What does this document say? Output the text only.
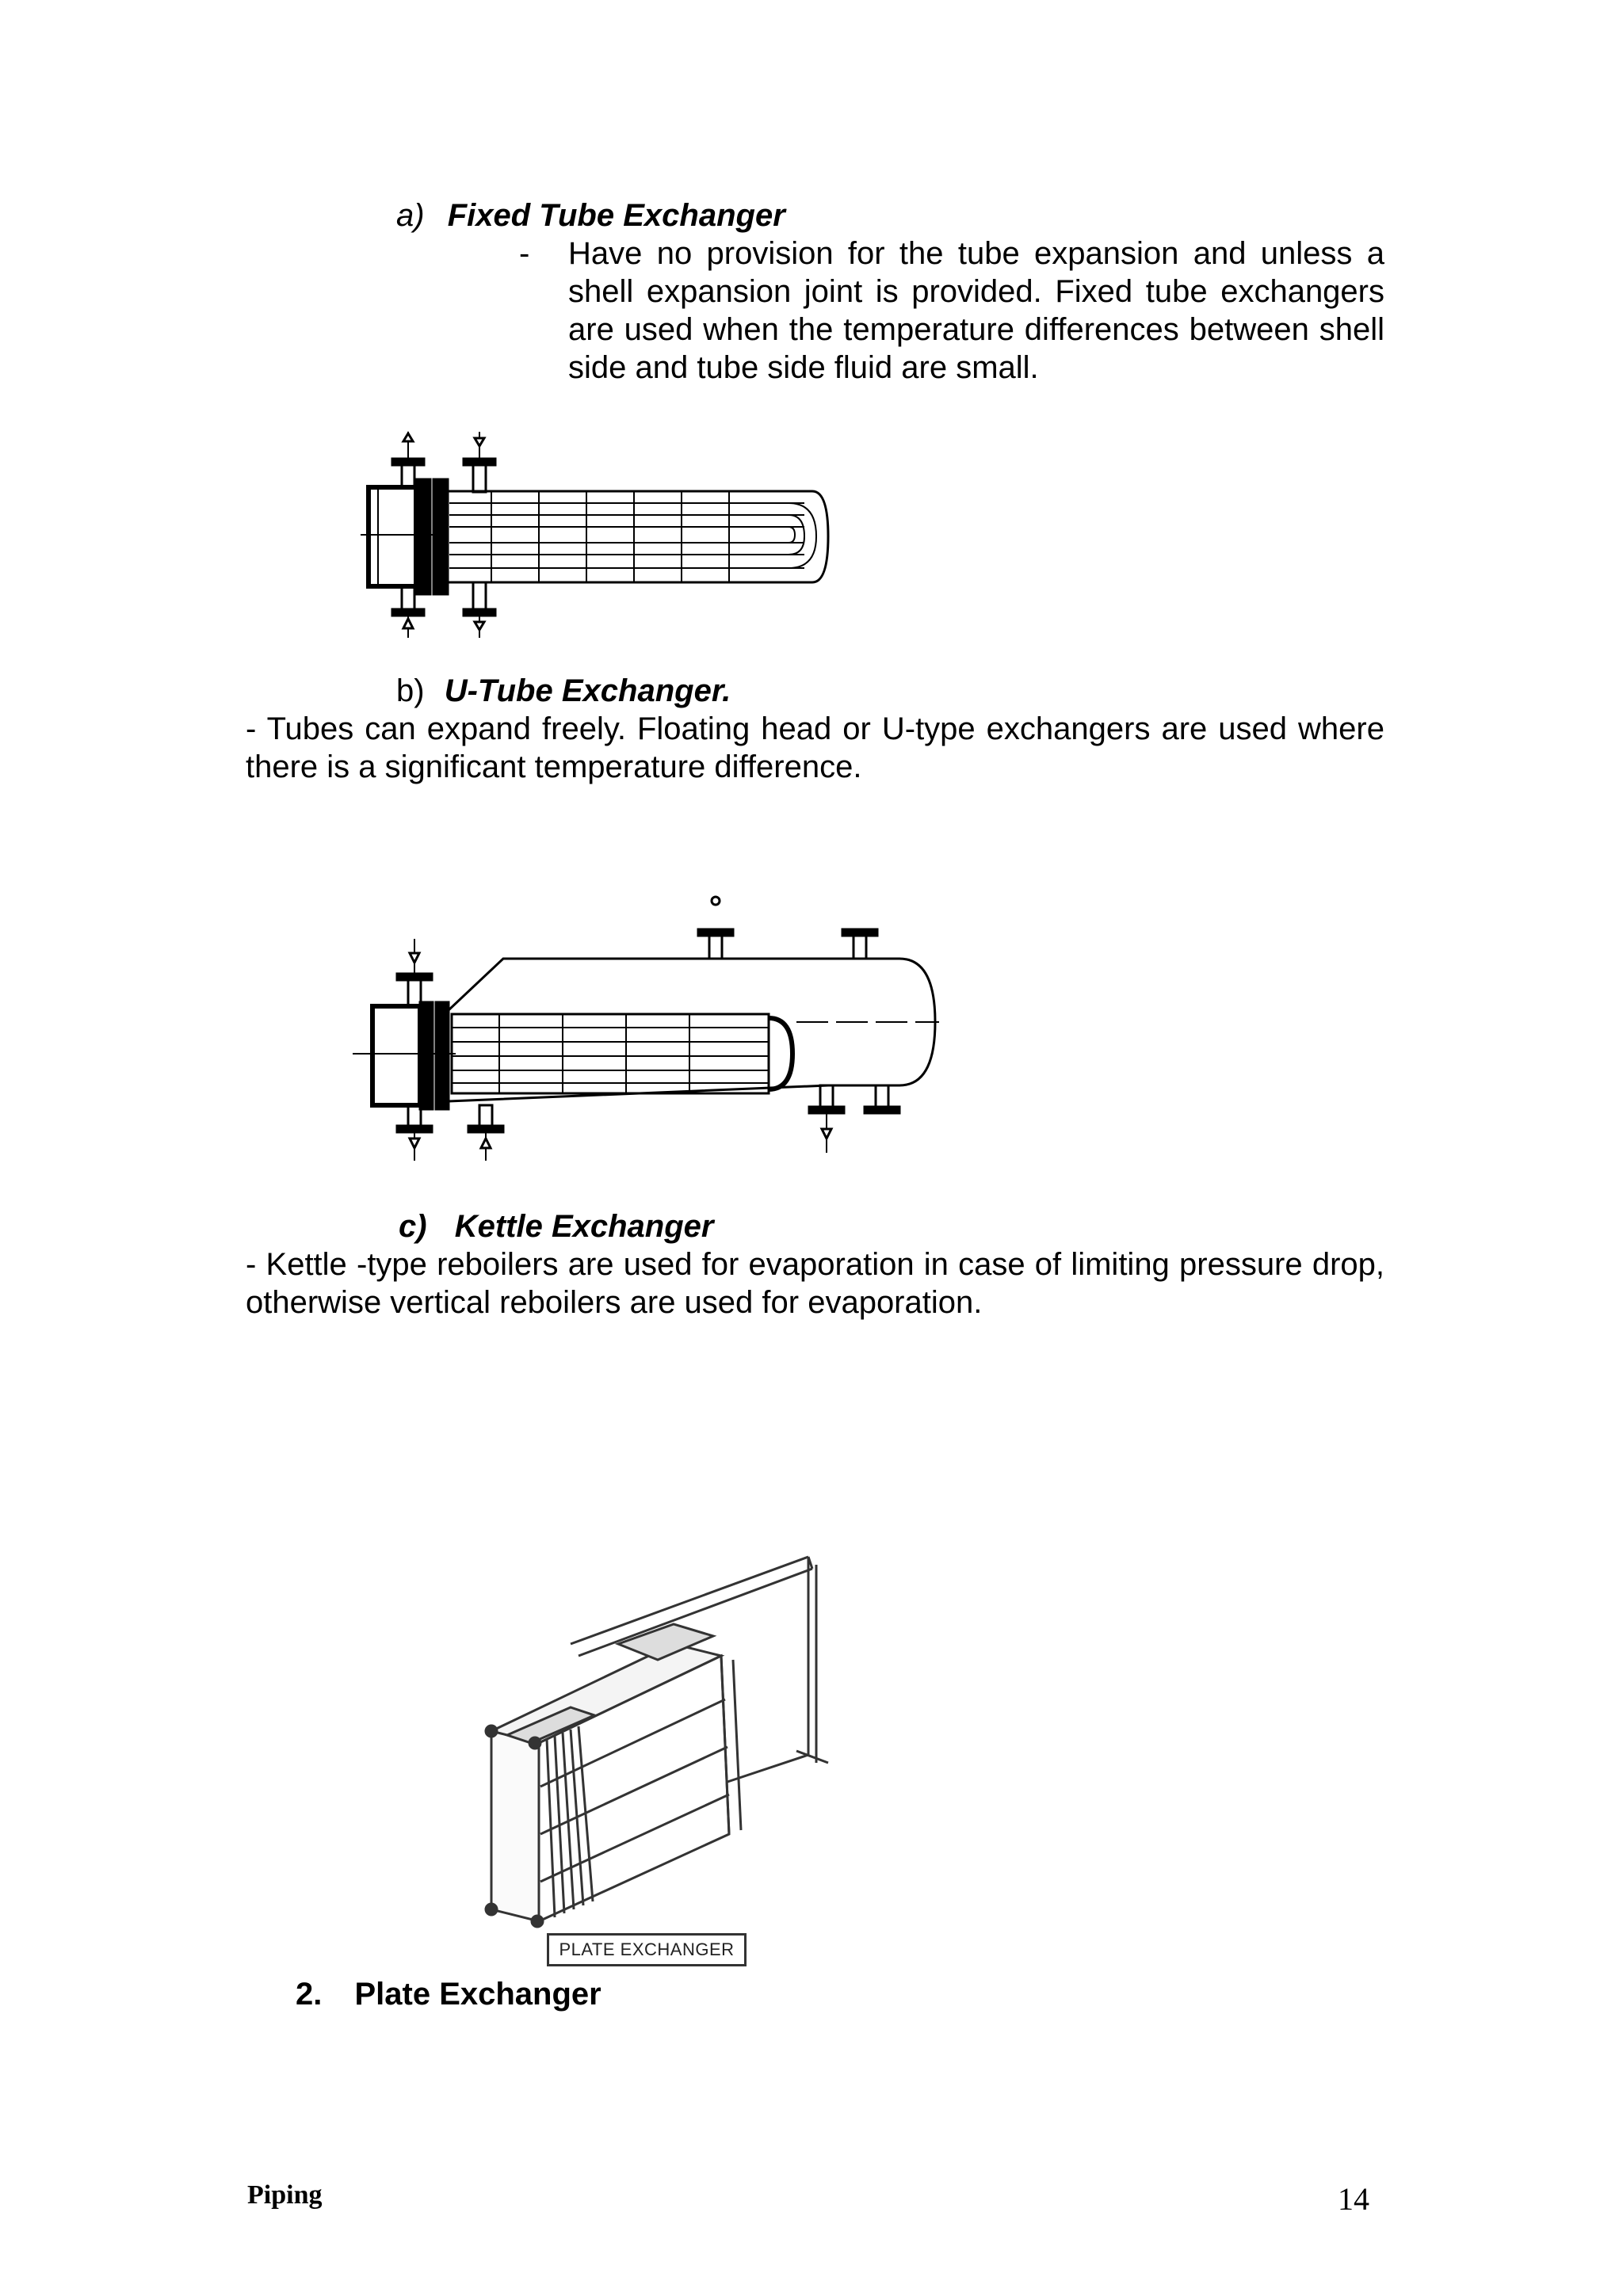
a) Fixed Tube Exchanger
- Have no provision for the tube expansion and unless a shell expansion joint is provided. Fixed tube exchangers are used when the temperature differences between shell side and tube side fluid are small.
b) U-Tube Exchanger.
- Tubes can expand freely. Floating head or U-type exchangers are used where there is a significant temperature difference.
c) Kettle Exchanger
- Kettle -type reboilers are used for evaporation in case of limiting pressure drop, otherwise vertical reboilers are used for evaporation.
PLATE EXCHANGER
2. Plate Exchanger
Piping	14
